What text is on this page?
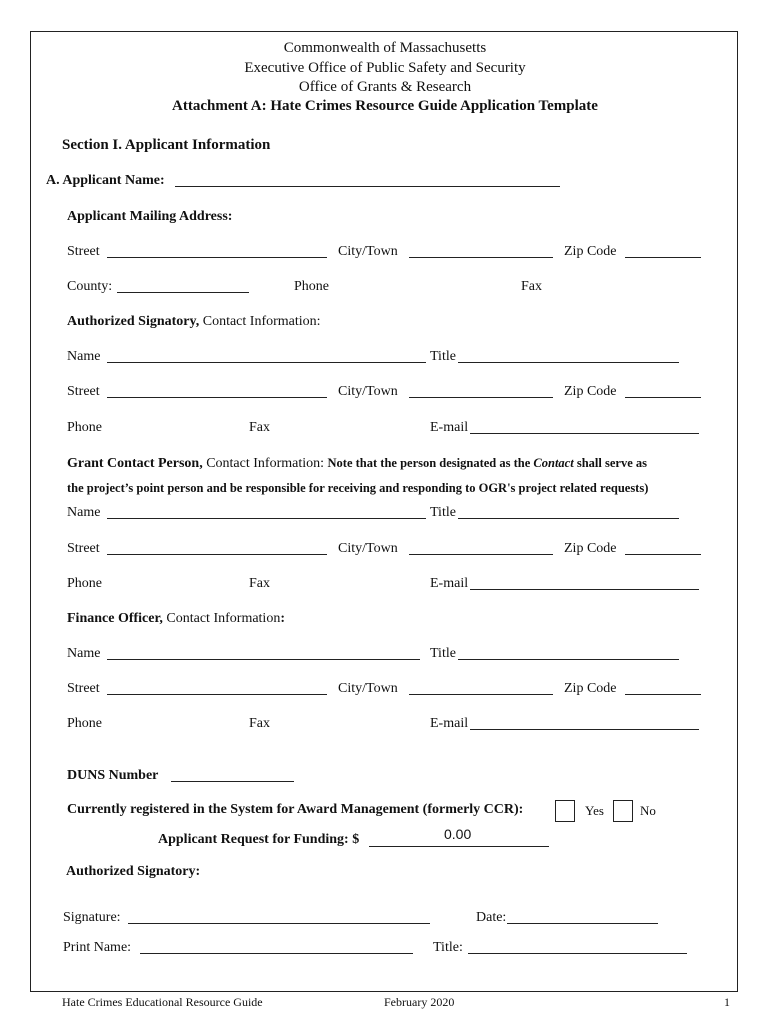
Commonwealth of Massachusetts
Executive Office of Public Safety and Security
Office of Grants & Research
Attachment A: Hate Crimes Resource Guide Application Template
Section I. Applicant Information
A. Applicant Name:
Applicant Mailing Address:
Street	City/Town	Zip Code
County:	Phone	Fax
Authorized Signatory, Contact Information:
Name	Title
Street	City/Town	Zip Code
Phone	Fax	E-mail
Grant Contact Person, Contact Information: Note that the person designated as the Contact shall serve as
the project’s point person and be responsible for receiving and responding to OGR's project related requests)
Name	Title
Street	City/Town	Zip Code
Phone	Fax	E-mail
Finance Officer, Contact Information:
Name	Title
Street	City/Town	Zip Code
Phone	Fax	E-mail
DUNS Number
Currently registered in the System for Award Management (formerly CCR):	Yes	No
Applicant Request for Funding: $	0.00
Authorized Signatory:
Signature:	Date:
Print Name:	Title:
Hate Crimes Educational Resource Guide	February 2020	1
